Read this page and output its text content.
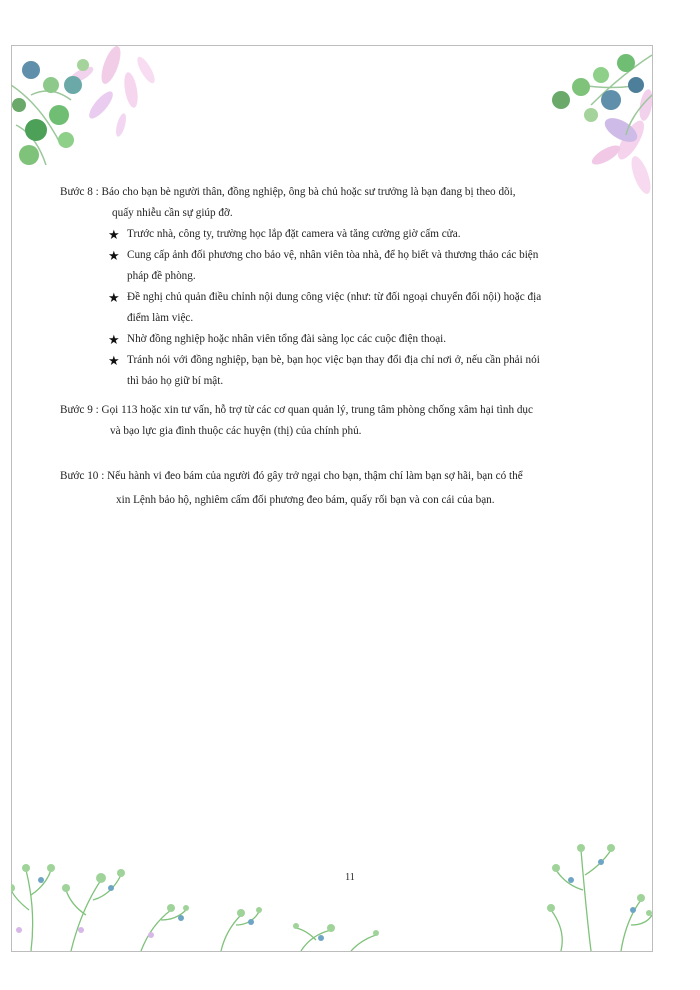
Bước 8 : Báo cho bạn bè người thân, đồng nghiệp, ông bà chủ hoặc sư trưởng là bạn đang bị theo dõi,
quấy nhiễu cần sự giúp đỡ.
★ Trước nhà, công ty, trường học lắp đặt camera và tăng cường giờ cấm cửa.
★ Cung cấp ảnh đối phương cho bảo vệ, nhân viên tòa nhà, để họ biết và thương thảo các biện
pháp đề phòng.
★ Đề nghị chủ quản điều chỉnh nội dung công việc (như: từ đối ngoại chuyển đối nội) hoặc địa
điểm làm việc.
★ Nhờ đồng nghiệp hoặc nhân viên tổng đài sàng lọc các cuộc điện thoại.
★ Tránh nói với đồng nghiệp, bạn bè, bạn học việc bạn thay đổi địa chỉ nơi ở, nếu cần phải nói
thì bảo họ giữ bí mật.
Bước 9 : Gọi 113 hoặc xin tư vấn, hỗ trợ từ các cơ quan quản lý, trung tâm phòng chống xâm hại tình dục
và bạo lực gia đình thuộc các huyện (thị) của chính phủ.
Bước 10 : Nếu hành vi đeo bám của người đó gây trở ngại cho bạn, thậm chí làm bạn sợ hãi, bạn có thể
xin Lệnh bảo hộ, nghiêm cấm đối phương đeo bám, quấy rối bạn và con cái của bạn.
11
